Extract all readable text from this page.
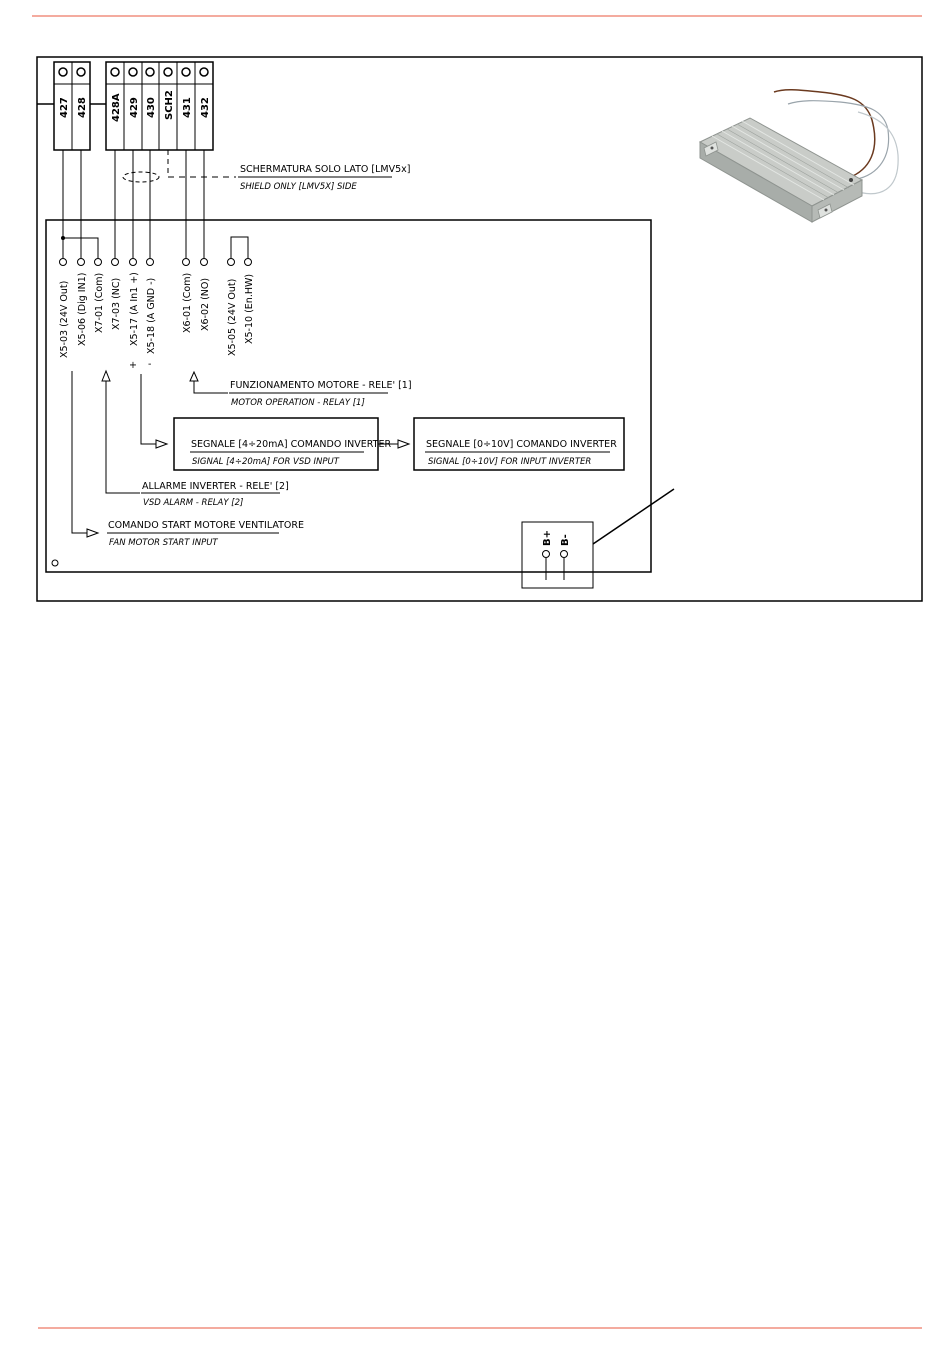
427 428 428A 429 430 SCH2 431 432
SCHERMATURA SOLO LATO [LMV5x]
SHIELD ONLY [LMV5X] SIDE
X5-03 (24V Out) X5-06 (Dig IN1) X7-01 (Com) X7-03 (NC) X5-17 (A In1 +) X5-18 (A GND -)	X6-01 (Com) X6-02 (NO) X5-05 (24V Out) X5-10 (En.HW)
+ -
FUNZIONAMENTO MOTORE - RELE' [1]
MOTOR OPERATION - RELAY [1]
SEGNALE [4÷20mA] COMANDO INVERTER
SIGNAL [4÷20mA] FOR VSD INPUT
SEGNALE [0÷10V] COMANDO INVERTER
SIGNAL [0÷10V] FOR INPUT INVERTER
ALLARME INVERTER - RELE' [2]
VSD ALARM - RELAY [2]
COMANDO START MOTORE VENTILATORE
FAN MOTOR START INPUT	B+ B-
